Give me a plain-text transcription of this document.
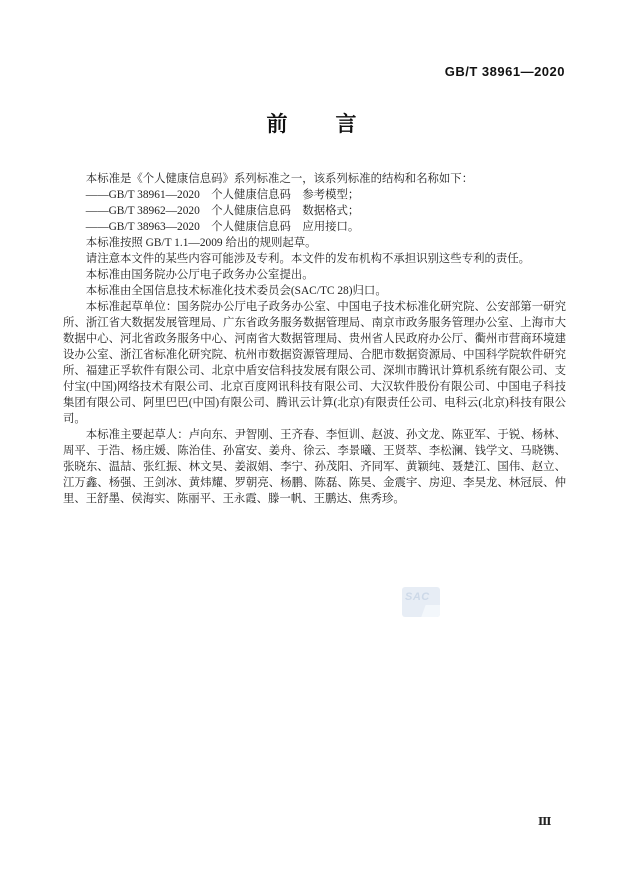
GB/T 38961—2020
前　　言
本标准是《个人健康信息码》系列标准之一，该系列标准的结构和名称如下：
——GB/T 38961—2020　个人健康信息码　参考模型；
——GB/T 38962—2020　个人健康信息码　数据格式；
——GB/T 38963—2020　个人健康信息码　应用接口。
本标准按照 GB/T 1.1—2009 给出的规则起草。
请注意本文件的某些内容可能涉及专利。本文件的发布机构不承担识别这些专利的责任。
本标准由国务院办公厅电子政务办公室提出。
本标准由全国信息技术标准化技术委员会(SAC/TC 28)归口。
本标准起草单位：国务院办公厅电子政务办公室、中国电子技术标准化研究院、公安部第一研究所、浙江省大数据发展管理局、广东省政务服务数据管理局、南京市政务服务管理办公室、上海市大数据中心、河北省政务服务中心、河南省大数据管理局、贵州省人民政府办公厅、衢州市营商环境建设办公室、浙江省标准化研究院、杭州市数据资源管理局、合肥市数据资源局、中国科学院软件研究所、福建正孚软件有限公司、北京中盾安信科技发展有限公司、深圳市腾讯计算机系统有限公司、支付宝(中国)网络技术有限公司、北京百度网讯科技有限公司、大汉软件股份有限公司、中国电子科技集团有限公司、阿里巴巴(中国)有限公司、腾讯云计算(北京)有限责任公司、电科云(北京)科技有限公司。
本标准主要起草人：卢向东、尹智刚、王齐春、李恒训、赵波、孙文龙、陈亚军、于锐、杨林、周平、于浩、杨庄媛、陈治佳、孙富安、姜舟、徐云、李景曦、王贤萃、李松澜、钱学文、马晓镌、张晓东、温喆、张红振、林文昊、姜淑娟、李宁、孙茂阳、齐同军、黄颖纯、聂楚江、国伟、赵立、江万鑫、杨强、王剑冰、黄炜耀、罗朝亮、杨鹏、陈磊、陈昊、金震宇、房迎、李昊龙、林冠辰、仲里、王舒墨、侯海实、陈丽平、王永霞、滕一帆、王鹏达、焦秀珍。
SAC
Ⅲ
